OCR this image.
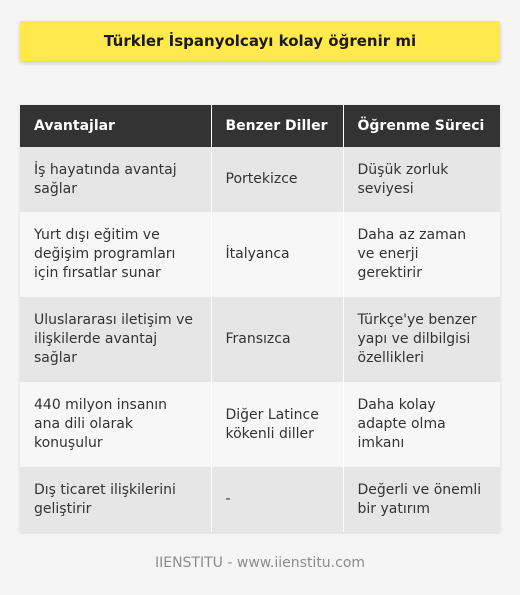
Türkler İspanyolcayı kolay öğrenir mi
Avantajlar	Benzer Diller	Öğrenme Süreci
İş hayatında avantaj sağlar	Portekizce	Düşük zorluk seviyesi
Yurt dışı eğitim ve değişim programları için fırsatlar sunar	İtalyanca	Daha az zaman ve enerji gerektirir
Uluslararası iletişim ve ilişkilerde avantaj sağlar	Fransızca	Türkçe'ye benzer yapı ve dilbilgisi özellikleri
440 milyon insanın ana dili olarak konuşulur	Diğer Latince kökenli diller	Daha kolay adapte olma imkanı
Dış ticaret ilişkilerini geliştirir	-	Değerli ve önemli bir yatırım
IIENSTITU - www.iienstitu.com
